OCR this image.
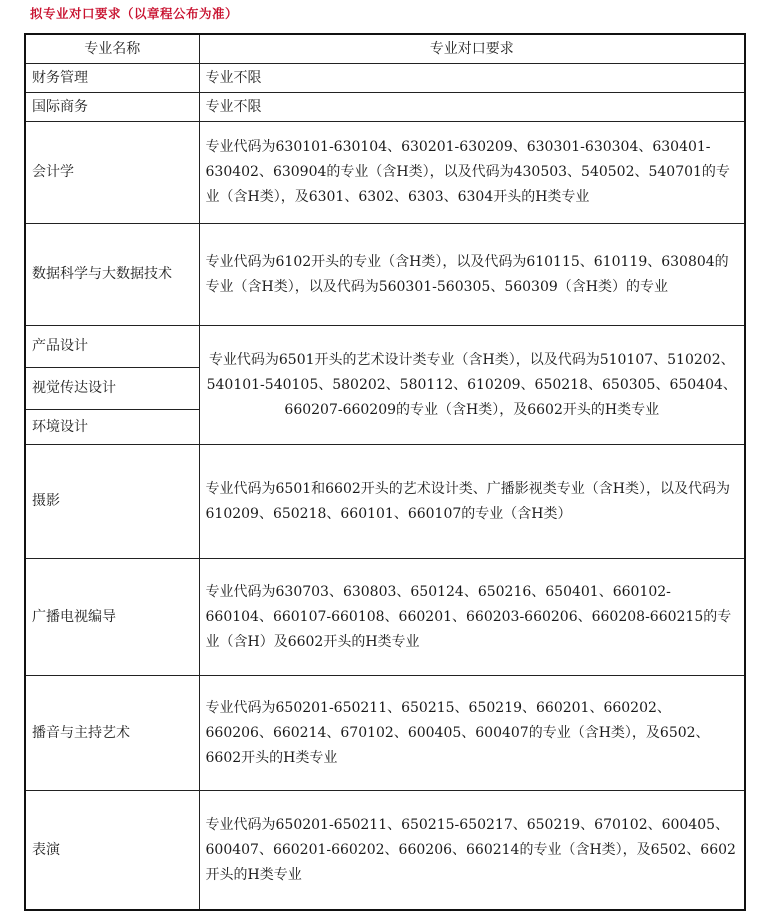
拟专业对口要求（以章程公布为准）
专业名称	专业对口要求
财务管理	专业不限
国际商务	专业不限
会计学	专业代码为630101-630104、630201-630209、630301-630304、630401-630402、630904的专业（含H类），以及代码为430503、540502、540701的专业（含H类），及6301、6302、6303、6304开头的H类专业
数据科学与大数据技术	专业代码为6102开头的专业（含H类），以及代码为610115、610119、630804的专业（含H类），以及代码为560301-560305、560309（含H类）的专业
产品设计	专业代码为6501开头的艺术设计类专业（含H类），以及代码为510107、510202、540101-540105、580202、580112、610209、650218、650305、650404、660207-660209的专业（含H类），及6602开头的H类专业
视觉传达设计	
环境设计	
摄影	专业代码为6501和6602开头的艺术设计类、广播影视类专业（含H类），以及代码为610209、650218、660101、660107的专业（含H类）
广播电视编导	专业代码为630703、630803、650124、650216、650401、660102-660104、660107-660108、660201、660203-660206、660208-660215的专业（含H）及6602开头的H类专业
播音与主持艺术	专业代码为650201-650211、650215、650219、660201、660202、660206、660214、670102、600405、600407的专业（含H类），及6502、6602开头的H类专业
表演	专业代码为650201-650211、650215-650217、650219、670102、600405、600407、660201-660202、660206、660214的专业（含H类），及6502、6602开头的H类专业
